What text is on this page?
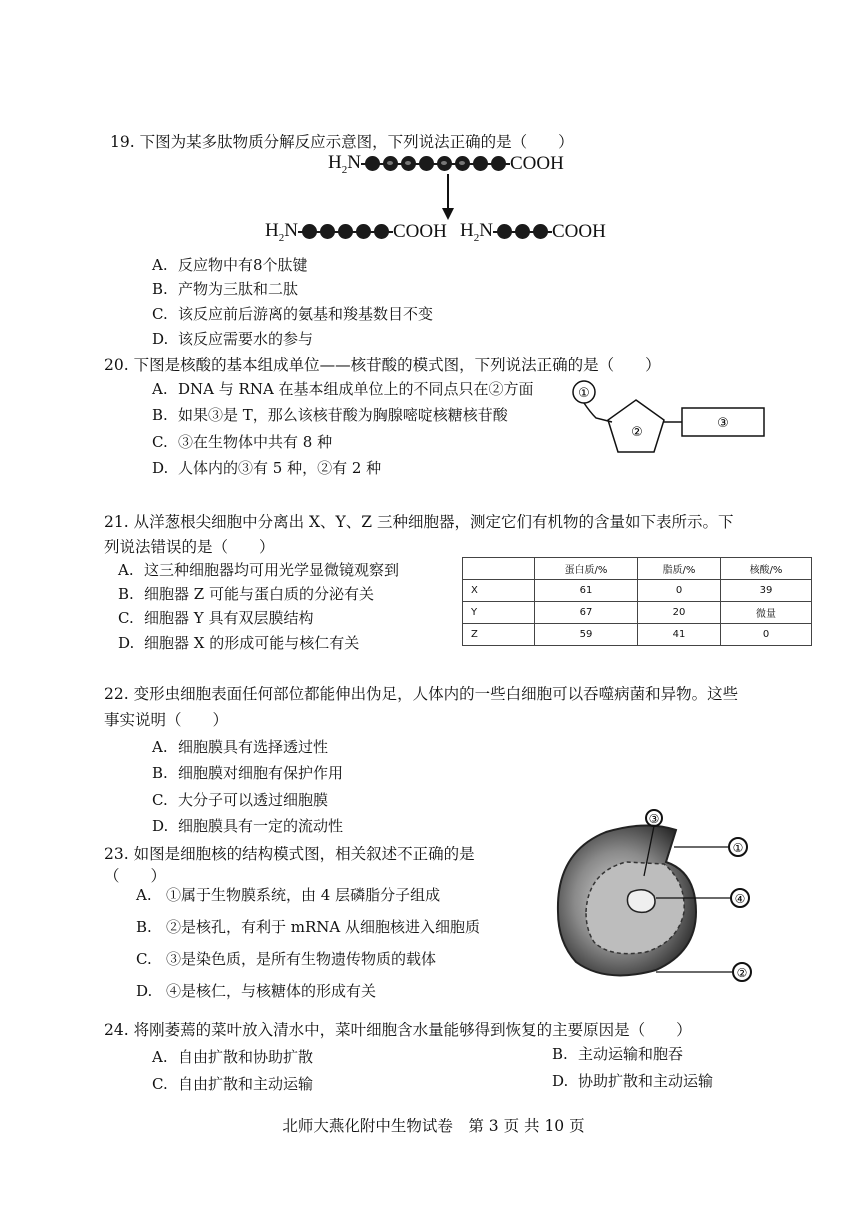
19. 下图为某多肽物质分解反应示意图，下列说法正确的是（　　）
$H_2N$	COOH
$H_2N$	COOH $H_2N$	COOH
A. 反应物中有8个肽键
B. 产物为三肽和二肽
C. 该反应前后游离的氨基和羧基数目不变
D. 该反应需要水的参与
20. 下图是核酸的基本组成单位——核苷酸的模式图，下列说法正确的是（　　）
①
②
③
A. DNA 与 RNA 在基本组成单位上的不同点只在②方面
B. 如果③是 T，那么该核苷酸为胸腺嘧啶核糖核苷酸
C. ③在生物体中共有 8 种
D. 人体内的③有 5 种，②有 2 种
21. 从洋葱根尖细胞中分离出 X、Y、Z 三种细胞器，测定它们有机物的含量如下表所示。下
列说法错误的是（　　）
A. 这三种细胞器均可用光学显微镜观察到
B. 细胞器 Z 可能与蛋白质的分泌有关
C. 细胞器 Y 具有双层膜结构
D. 细胞器 X 的形成可能与核仁有关
	蛋白质/%	脂质/%	核酸/%
X	61	0	39
Y	67	20	微量
Z	59	41	0
22. 变形虫细胞表面任何部位都能伸出伪足，人体内的一些白细胞可以吞噬病菌和异物。这些
事实说明（　　）
A. 细胞膜具有选择透过性
B. 细胞膜对细胞有保护作用
C. 大分子可以透过细胞膜
D. 细胞膜具有一定的流动性
23. 如图是细胞核的结构模式图，相关叙述不正确的是
（　　）
A. ①属于生物膜系统，由 4 层磷脂分子组成
B. ②是核孔，有利于 mRNA 从细胞核进入细胞质
C. ③是染色质，是所有生物遗传物质的载体
D. ④是核仁，与核糖体的形成有关
①
②
③
④
24. 将刚萎蔫的菜叶放入清水中，菜叶细胞含水量能够得到恢复的主要原因是（　　）
A. 自由扩散和协助扩散	B. 主动运输和胞吞
C. 自由扩散和主动运输	D. 协助扩散和主动运输
北师大燕化附中生物试卷　第 3 页 共 10 页
